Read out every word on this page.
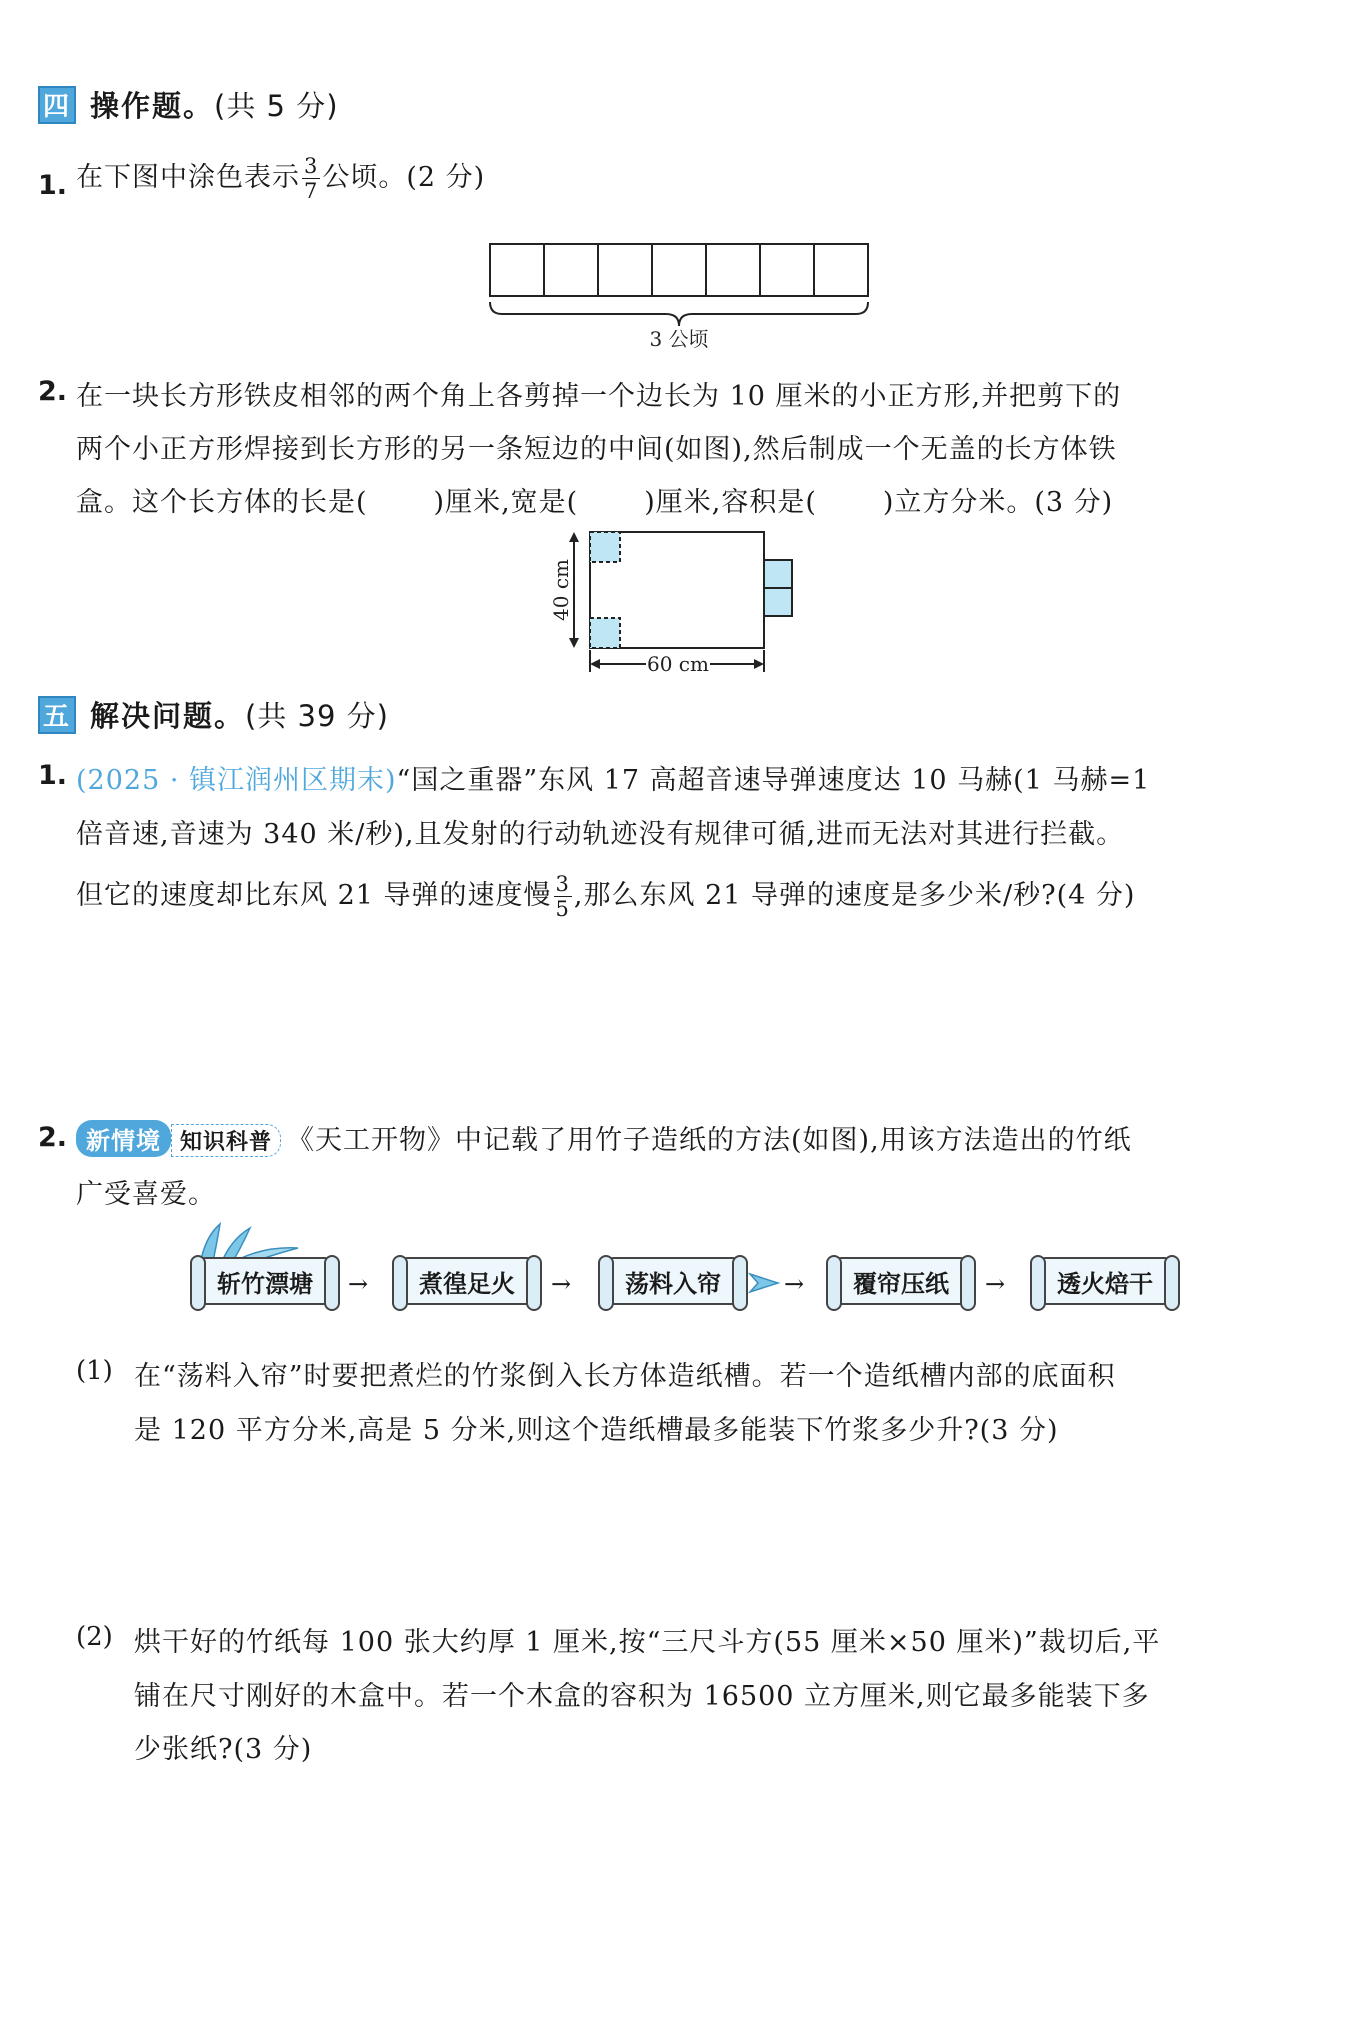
四 操作题。 (共 5 分)
1. 在下图中涂色表示 $\frac{3}{7}$ 公顷。(2 分)
3 公顷
2. 在一块长方形铁皮相邻的两个角上各剪掉一个边长为 10 厘米的小正方形,并把剪下的
两个小正方形焊接到长方形的另一条短边的中间(如图),然后制成一个无盖的长方体铁
盒。这个长方体的长是( )厘米,宽是( )厘米,容积是( )立方分米。(3 分)
40 cm
60 cm
五 解决问题。 (共 39 分)
1. (2025 · 镇江润州区期末)“国之重器”东风 17 高超音速导弹速度达 10 马赫(1 马赫=1
倍音速,音速为 340 米/秒),且发射的行动轨迹没有规律可循,进而无法对其进行拦截。
但它的速度却比东风 21 导弹的速度慢 $\frac{3}{5}$ ,那么东风 21 导弹的速度是多少米/秒?(4 分)
2. 新情境 知识科普 《天工开物》中记载了用竹子造纸的方法(如图),用该方法造出的竹纸
广受喜爱。
斩竹漂塘	→	煮徨足火	→	荡料入帘	→	覆帘压纸	→	透火焙干
(1) 在“荡料入帘”时要把煮烂的竹浆倒入长方体造纸槽。若一个造纸槽内部的底面积
是 120 平方分米,高是 5 分米,则这个造纸槽最多能装下竹浆多少升?(3 分)
(2) 烘干好的竹纸每 100 张大约厚 1 厘米,按“三尺斗方(55 厘米×50 厘米)”裁切后,平
铺在尺寸刚好的木盒中。若一个木盒的容积为 16500 立方厘米,则它最多能装下多
少张纸?(3 分)
